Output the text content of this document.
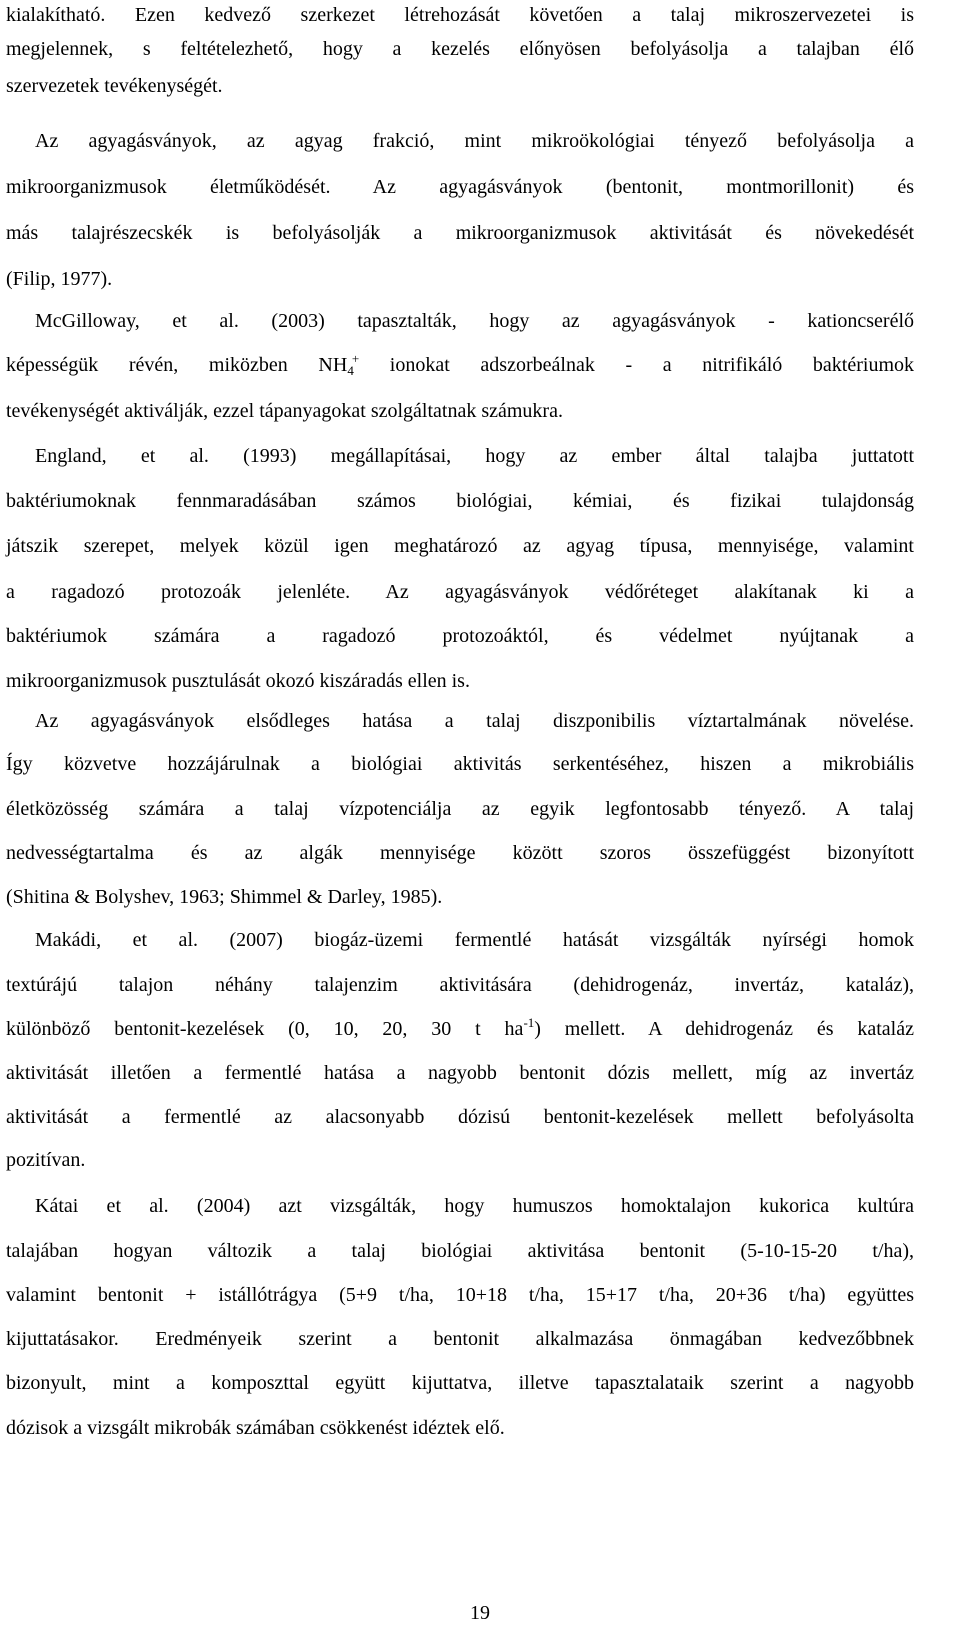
kialakítható. Ezen kedvező szerkezet létrehozását követően a talaj mikroszervezetei is
megjelennek, s feltételezhető, hogy a kezelés előnyösen befolyásolja a talajban élő
szervezetek tevékenységét.
Az agyagásványok, az agyag frakció, mint mikroökológiai tényező befolyásolja a
mikroorganizmusok életműködését. Az agyagásványok (bentonit, montmorillonit) és
más talajrészecskék is befolyásolják a mikroorganizmusok aktivitását és növekedését
(Filip, 1977).
McGilloway, et al. (2003) tapasztalták, hogy az agyagásványok - kationcserélő
képességük révén, miközben $NH_4^+$ ionokat adszorbeálnak - a nitrifikáló baktériumok
tevékenységét aktiválják, ezzel tápanyagokat szolgáltatnak számukra.
England, et al. (1993) megállapításai, hogy az ember által talajba juttatott
baktériumoknak fennmaradásában számos biológiai, kémiai, és fizikai tulajdonság
játszik szerepet, melyek közül igen meghatározó az agyag típusa, mennyisége, valamint
a ragadozó protozoák jelenléte. Az agyagásványok védőréteget alakítanak ki a
baktériumok számára a ragadozó protozoáktól, és védelmet nyújtanak a
mikroorganizmusok pusztulását okozó kiszáradás ellen is.
Az agyagásványok elsődleges hatása a talaj diszponibilis víztartalmának növelése.
Így közvetve hozzájárulnak a biológiai aktivitás serkentéséhez, hiszen a mikrobiális
életközösség számára a talaj vízpotenciálja az egyik legfontosabb tényező. A talaj
nedvességtartalma és az algák mennyisége között szoros összefüggést bizonyított
(Shitina & Bolyshev, 1963; Shimmel & Darley, 1985).
Makádi, et al. (2007) biogáz-üzemi fermentlé hatását vizsgálták nyírségi homok
textúrájú talajon néhány talajenzim aktivitására (dehidrogenáz, invertáz, kataláz),
különböző bentonit-kezelések (0, 10, 20, 30 t $ha^{-1}$) mellett. A dehidrogenáz és kataláz
aktivitását illetően a fermentlé hatása a nagyobb bentonit dózis mellett, míg az invertáz
aktivitását a fermentlé az alacsonyabb dózisú bentonit-kezelések mellett befolyásolta
pozitívan.
Kátai et al. (2004) azt vizsgálták, hogy humuszos homoktalajon kukorica kultúra
talajában hogyan változik a talaj biológiai aktivitása bentonit (5-10-15-20 t/ha),
valamint bentonit + istállótrágya (5+9 t/ha, 10+18 t/ha, 15+17 t/ha, 20+36 t/ha) együttes
kijuttatásakor. Eredményeik szerint a bentonit alkalmazása önmagában kedvezőbbnek
bizonyult, mint a komposzttal együtt kijuttatva, illetve tapasztalataik szerint a nagyobb
dózisok a vizsgált mikrobák számában csökkenést idéztek elő.
19
